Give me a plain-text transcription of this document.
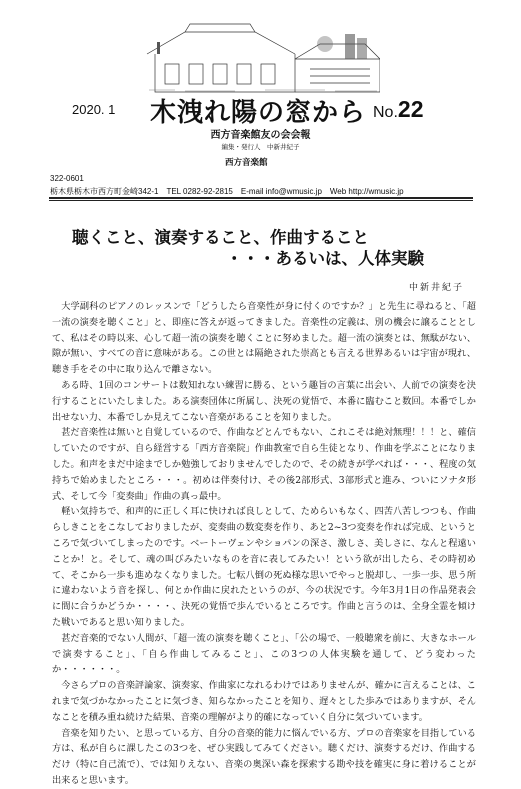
2020. 1 木洩れ陽の窓から No.22
西方音楽館友の会会報
編集・発行人　中新井紀子
西方音楽館
322-0601
栃木県栃木市西方町金崎342-1　TEL 0282-92-2815　E-mail info@wmusic.jp　Web http://wmusic.jp
聴くこと、演奏すること、作曲すること
・・・あるいは、人体実験
中新井紀子

大学副科のピアノのレッスンで「どうしたら音楽性が身に付くのですか？」と先生に尋ねると、「超一流の演奏を聴くこと」と、即座に答えが返ってきました。音楽性の定義は、別の機会に譲ることとして、私はその時以来、心して超一流の演奏を聴くことに努めました。超一流の演奏とは、無駄がない、隙が無い、すべての音に意味がある。この世とは隔絶された崇高とも言える世界あるいは宇宙が現れ、聴き手をその中に取り込んで離さない。

ある時、1回のコンサートは数知れない練習に勝る、という趣旨の言葉に出会い、人前での演奏を決行することにいたしました。ある演奏団体に所属し、決死の覚悟で、本番に臨むこと数回。本番でしか出せない力、本番でしか見えてこない音楽があることを知りました。

甚だ音楽性は無いと自覚しているので、作曲などとんでもない、これこそは絶対無理！！！と、確信していたのですが、自ら経営する「西方音楽院」作曲教室で自ら生徒となり、作曲を学ぶことになりました。和声をまだ中途までしか勉強しておりませんでしたので、その続きが学べれば・・・、程度の気持ちで始めましたところ・・・。初めは伴奏付け、その後2部形式、3部形式と進み、ついにソナタ形式、そして今「変奏曲」作曲の真っ最中。

軽い気持ちで、和声的に正しく耳に快ければ良しとして、ためらいもなく、四苦八苦しつつも、作曲らしきことをこなしておりましたが、変奏曲の数変奏を作り、あと2~3つ変奏を作れば完成、というところで気づいてしまったのです。ベートーヴェンやショパンの深さ、激しさ、美しさに、なんと程遠いことか！と。そして、魂の叫びみたいなものを音に表してみたい！という欲が出したら、その時初めて、そこから一歩も進めなくなりました。七転八倒の死ぬ様な思いでやっと脱却し、一歩一歩、思う所に違わないよう音を探し、何とか作曲に戻れたというのが、今の状況です。今年3月1日の作品発表会に間に合うかどうか・・・・、決死の覚悟で歩んでいるところです。作曲と言うのは、全身全霊を傾けた戦いであると思い知りました。

甚だ音楽的でない人間が、「超一流の演奏を聴くこと」、「公の場で、一般聴衆を前に、大きなホールで演奏すること」、「自ら作曲してみること」、この3つの人体実験を通して、どう変わったか・・・・・・。

今さらプロの音楽評論家、演奏家、作曲家になれるわけではありませんが、確かに言えることは、これまで気づかなかったことに気づき、知らなかったことを知り、遅々とした歩みではありますが、そんなことを積み重ね続けた結果、音楽の理解がより的確になっていく自分に気づいています。

音楽を知りたい、と思っている方、自分の音楽的能力に悩んでいる方、プロの音楽家を目指している方は、私が自らに課したこの3つを、ぜひ実践してみてください。聴くだけ、演奏するだけ、作曲するだけ（特に自己流で）、では知りえない、音楽の奥深い森を探索する勘や技を確実に身に着けることが出来ると思います。
